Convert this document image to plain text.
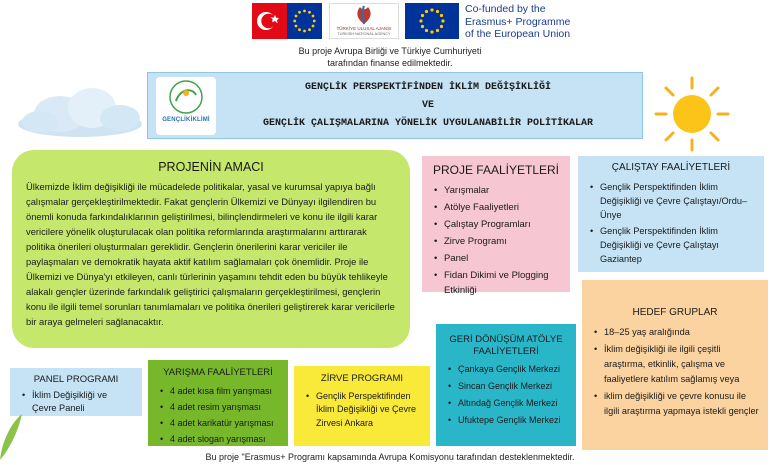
TÜRKİYE ULUSAL AJANSI
TURKISH NATIONAL AGENCY
Co-funded by the
Erasmus+ Programme
of the European Union
Bu proje Avrupa Birliği ve Türkiye Cumhuriyeti
tarafından finanse edilmektedir.
GENÇLİKİKLİMİ
GENÇLİK PERSPEKTİFİNDEN İKLİM DEĞİŞİKLİĞİ
VE
GENÇLİK ÇALIŞMALARINA YÖNELİK UYGULANABİLİR POLİTİKALAR
PROJENİN AMACI
Ülkemizde İklim değişikliği ile mücadelede politikalar, yasal ve kurumsal yapıya bağlı çalışmalar gerçekleştirilmektedir. Fakat gençlerin Ülkemizi ve Dünyayı ilgilendiren bu önemli konuda farkındalıklarının geliştirilmesi, bilinçlendirmeleri ve konu ile ilgili karar vericilere yönelik oluşturulacak olan politika reformlarında araştırmalarını arttırarak politika önerileri oluşturmaları gereklidir. Gençlerin önerilerini karar vericiler ile paylaşmaları ve demokratik hayata aktif katılım sağlamaları çok önemlidir. Proje ile Ülkemizi ve Dünya'yı etkileyen, canlı türlerinin yaşamını tehdit eden bu büyük tehlikeyle alakalı gençler üzerinde farkındalık geliştirici çalışmaların gerçekleştirilmesi, gençlerin konu ile ilgili temel sorunları tanımlamaları ve politika önerileri geliştirerek karar vericilerle bir araya gelmeleri sağlanacaktır.
PROJE FAALİYETLERİ
• Yarışmalar
• Atölye Faaliyetleri
• Çalıştay Programları
• Zirve Programı
• Panel
• Fidan Dikimi ve Plogging Etkinliği
ÇALIŞTAY FAALİYETLERİ
• Gençlik Perspektifinden İklim Değişikliği ve Çevre Çalıştayı/Ordu–Ünye
• Gençlik Perspektifinden İklim Değişikliği ve Çevre Çalıştayı Gaziantep
HEDEF GRUPLAR
• 18–25 yaş aralığında
• İklim değişikliği ile ilgili çeşitli araştırma, etkinlik, çalışma ve faaliyetlere katılım sağlamış veya
• iklim değişikliği ve çevre konusu ile ilgili araştırma yapmaya istekli gençler
PANEL PROGRAMI
• İklim Değişikliği ve Çevre Paneli
YARIŞMA FAALİYETLERİ
• 4 adet kısa film yarışması
• 4 adet resim yarışması
• 4 adet karikatür yarışması
• 4 adet slogan yarışması
ZİRVE PROGRAMI
• Gençlik Perspektifinden İklim Değişikliği ve Çevre Zirvesi Ankara
GERİ DÖNÜŞÜM ATÖLYE FAALİYETLERİ
• Çankaya Gençlik Merkezi
• Sincan Gençlik Merkezi
• Altındağ Gençlik Merkezi
• Ufuktepe Gençlik Merkezi
Bu proje "Erasmus+ Programı kapsamında Avrupa Komisyonu tarafından desteklenmektedir.
